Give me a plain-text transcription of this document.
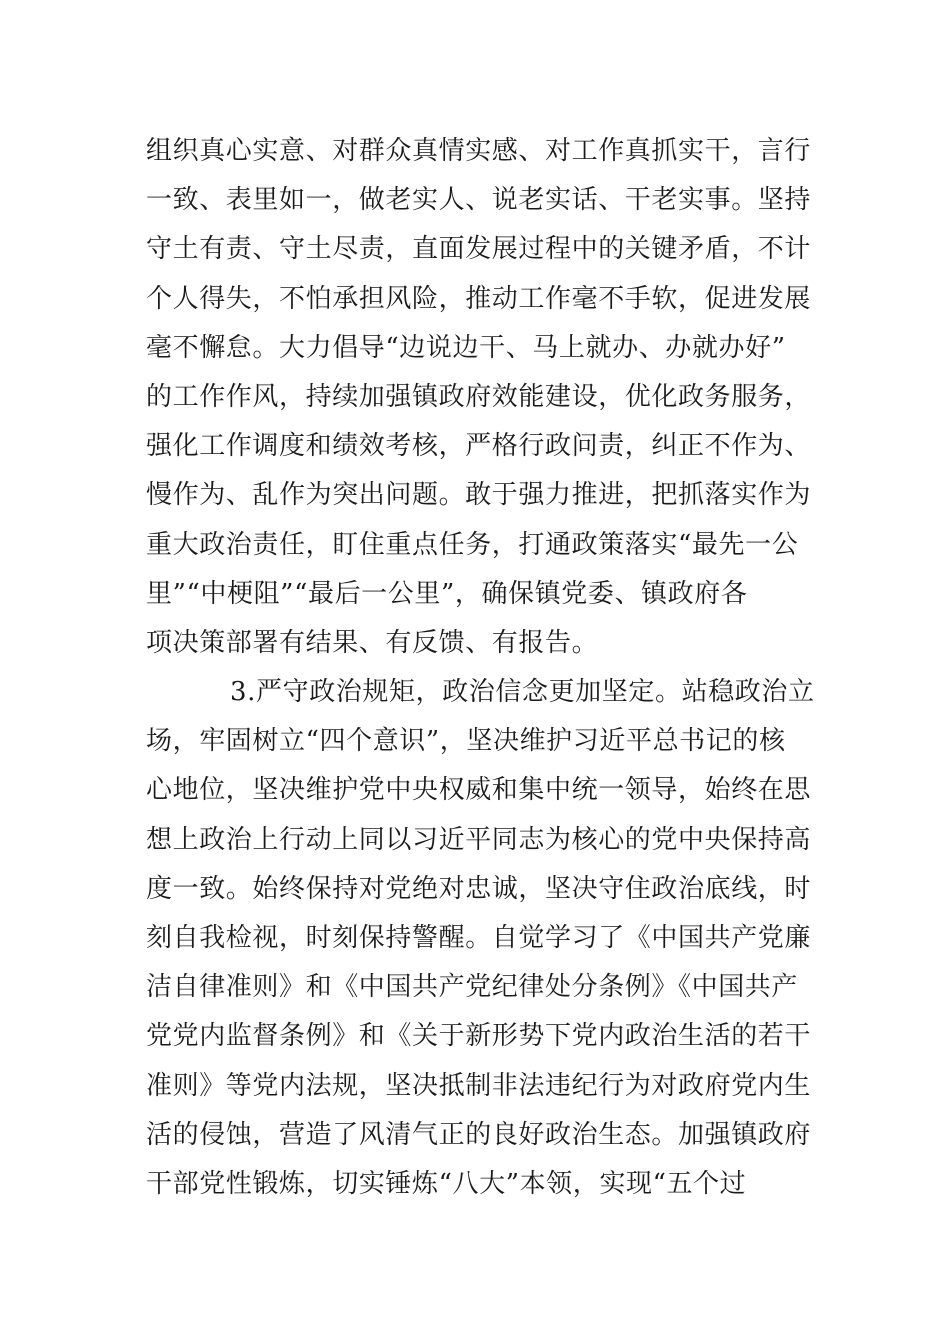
组织真心实意、对群众真情实感、对工作真抓实干，言行
一致、表里如一，做老实人、说老实话、干老实事。坚持
守土有责、守土尽责，直面发展过程中的关键矛盾，不计
个人得失，不怕承担风险，推动工作毫不手软，促进发展
毫不懈怠。大力倡导“边说边干、马上就办、办就办好”
的工作作风，持续加强镇政府效能建设，优化政务服务，
强化工作调度和绩效考核，严格行政问责，纠正不作为、
慢作为、乱作为突出问题。敢于强力推进，把抓落实作为
重大政治责任，盯住重点任务，打通政策落实“最先一公
里”“中梗阻”“最后一公里”，确保镇党委、镇政府各
项决策部署有结果、有反馈、有报告。
3.严守政治规矩，政治信念更加坚定。站稳政治立
场，牢固树立“四个意识”，坚决维护习近平总书记的核
心地位，坚决维护党中央权威和集中统一领导，始终在思
想上政治上行动上同以习近平同志为核心的党中央保持高
度一致。始终保持对党绝对忠诚，坚决守住政治底线，时
刻自我检视，时刻保持警醒。自觉学习了《中国共产党廉
洁自律准则》和《中国共产党纪律处分条例》《中国共产
党党内监督条例》和《关于新形势下党内政治生活的若干
准则》等党内法规，坚决抵制非法违纪行为对政府党内生
活的侵蚀，营造了风清气正的良好政治生态。加强镇政府
干部党性锻炼，切实锤炼“八大”本领，实现“五个过
